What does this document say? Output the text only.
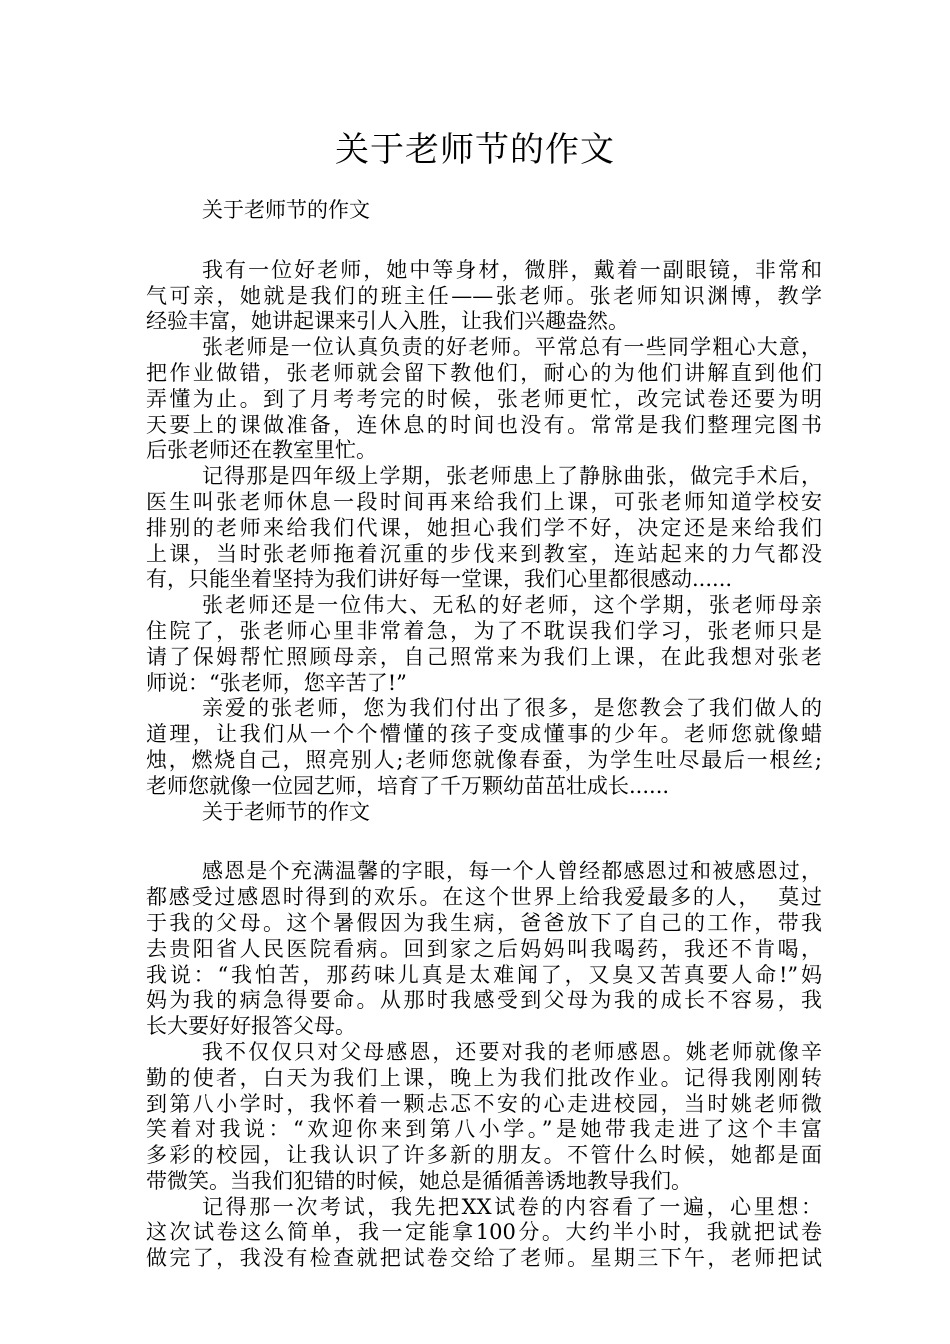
关于老师节的作文
关于老师节的作文
我有一位好老师，她中等身材，微胖，戴着一副眼镜，非常和
气可亲，她就是我们的班主任——张老师。张老师知识渊博，教学
经验丰富，她讲起课来引人入胜，让我们兴趣盎然。
张老师是一位认真负责的好老师。平常总有一些同学粗心大意，
把作业做错，张老师就会留下教他们，耐心的为他们讲解直到他们
弄懂为止。到了月考考完的时候，张老师更忙，改完试卷还要为明
天要上的课做准备，连休息的时间也没有。常常是我们整理完图书
后张老师还在教室里忙。
记得那是四年级上学期，张老师患上了静脉曲张，做完手术后，
医生叫张老师休息一段时间再来给我们上课，可张老师知道学校安
排别的老师来给我们代课，她担心我们学不好，决定还是来给我们
上课，当时张老师拖着沉重的步伐来到教室，连站起来的力气都没
有，只能坐着坚持为我们讲好每一堂课，我们心里都很感动......
张老师还是一位伟大、无私的好老师，这个学期，张老师母亲
住院了，张老师心里非常着急，为了不耽误我们学习，张老师只是
请了保姆帮忙照顾母亲，自己照常来为我们上课，在此我想对张老
师说：“张老师，您辛苦了!”
亲爱的张老师，您为我们付出了很多，是您教会了我们做人的
道理，让我们从一个个懵懂的孩子变成懂事的少年。老师您就像蜡
烛，燃烧自己，照亮别人;老师您就像春蚕，为学生吐尽最后一根丝;
老师您就像一位园艺师，培育了千万颗幼苗茁壮成长......
关于老师节的作文
感恩是个充满温馨的字眼，每一个人曾经都感恩过和被感恩过，
都感受过感恩时得到的欢乐。在这个世界上给我爱最多的人，  莫过
于我的父母。这个暑假因为我生病，爸爸放下了自己的工作，带我
去贵阳省人民医院看病。回到家之后妈妈叫我喝药，我还不肯喝，
我说：“我怕苦，那药味儿真是太难闻了，又臭又苦真要人命!”妈
妈为我的病急得要命。从那时我感受到父母为我的成长不容易，我
长大要好好报答父母。
我不仅仅只对父母感恩，还要对我的老师感恩。姚老师就像辛
勤的使者，白天为我们上课，晚上为我们批改作业。记得我刚刚转
到第八小学时，我怀着一颗忐忑不安的心走进校园，当时姚老师微
笑着对我说：“欢迎你来到第八小学。”是她带我走进了这个丰富
多彩的校园，让我认识了许多新的朋友。不管什么时候，她都是面
带微笑。当我们犯错的时候，她总是循循善诱地教导我们。
记得那一次考试，我先把XX试卷的内容看了一遍，心里想：
这次试卷这么简单，我一定能拿100分。大约半小时，我就把试卷
做完了，我没有检查就把试卷交给了老师。星期三下午，老师把试
